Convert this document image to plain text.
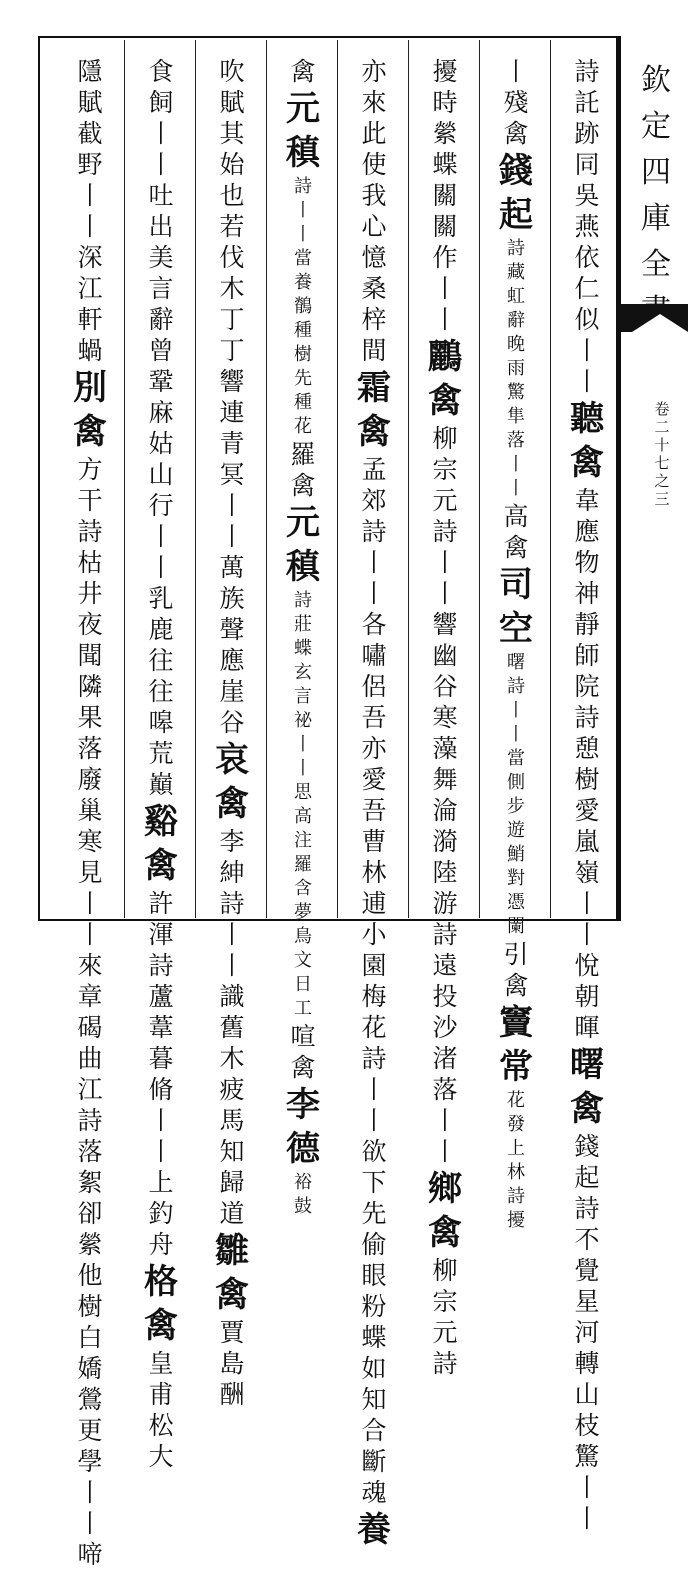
欽
定
四
庫
全
卷
二
十
七
之
三
詩
託
跡
同
吳
燕
依
仁
似
丨
丨
聽
禽
韋
應
物
神
靜
師
院
詩
憩
樹
愛
嵐
嶺
丨
丨
悅
朝
暉
曙
禽
錢
起
詩
不
覺
星
河
轉
山
枝
驚
丨
丨
丨
殘
禽
錢
起
詩
藏
虹
辭
晚
雨
驚
隼
落
丨
丨
高
禽
司
空
曙
詩
丨
丨
當
側
步
遊
鮹
對
憑
闌
引
禽
竇
常
花
發
上
林
詩
擾
擾
時
縈
蝶
關
關
作
丨
丨
鸝
禽
柳
宗
元
詩
丨
丨
響
幽
谷
寒
藻
舞
淪
漪
陸
游
詩
遠
投
沙
渚
落
丨
丨
鄉
禽
柳
宗
元
詩
亦
來
此
使
我
心
憶
桑
梓
間
霜
禽
孟
郊
詩
丨
丨
各
嘯
侶
吾
亦
愛
吾
曹
林
逋
小
園
梅
花
詩
丨
丨
欲
下
先
偷
眼
粉
蝶
如
知
合
斷
魂
養
禽
元
稹
詩
丨
丨
當
養
鶺
種
樹
先
種
花
羅
禽
元
稹
詩
莊
蝶
玄
言
祕
丨
丨
思
高
注
羅
含
夢
鳥
文
日
工
喧
禽
李
德
裕
鼓
吹
賦
其
始
也
若
伐
木
丁
丁
響
連
青
冥
丨
丨
萬
族
聲
應
崖
谷
哀
禽
李
紳
詩
丨
丨
識
舊
木
疲
馬
知
歸
道
雛
禽
賈
島
酬
食
飼
丨
丨
吐
出
美
言
辭
曾
鞏
麻
姑
山
行
丨
丨
乳
鹿
往
往
嗥
荒
巔
谿
禽
許
渾
詩
蘆
葦
暮
脩
丨
丨
上
釣
舟
格
禽
皇
甫
松
大
隱
賦
截
野
丨
丨
深
江
軒
蝸
別
禽
方
干
詩
枯
井
夜
聞
隣
果
落
廢
巢
寒
見
丨
丨
來
章
碣
曲
江
詩
落
絮
卻
縈
他
樹
白
嬌
鶯
更
學
丨
丨
啼
